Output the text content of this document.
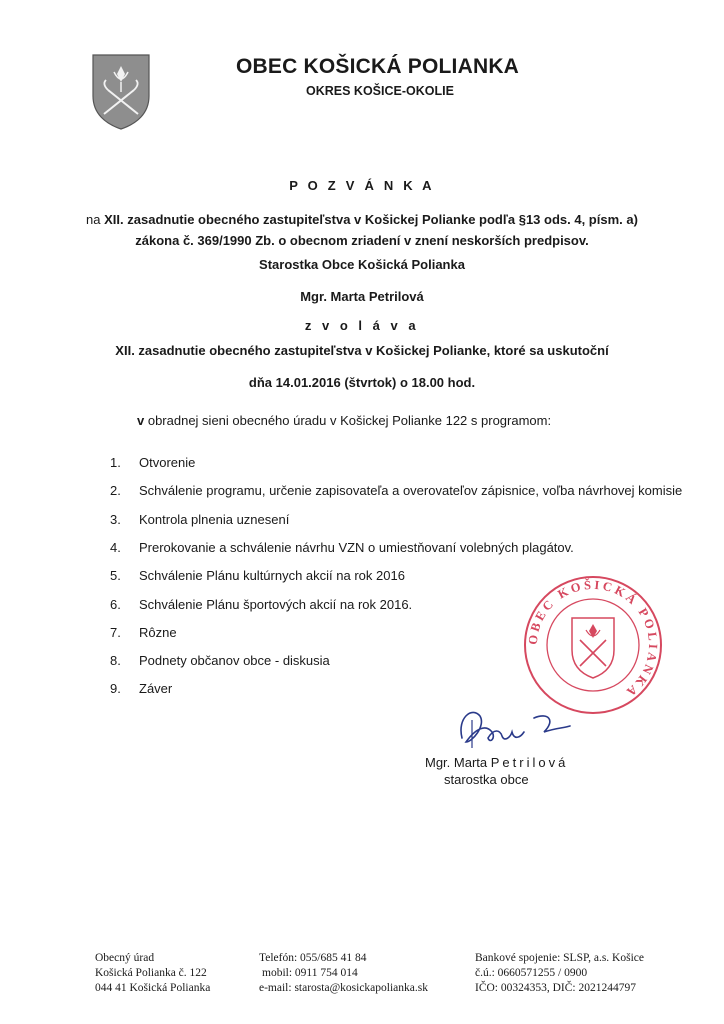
OBEC KOŠICKÁ POLIANKA
OKRES KOŠICE-OKOLIE
P O Z V Á N K A
na XII. zasadnutie obecného zastupiteľstva v Košickej Polianke podľa §13 ods. 4, písm. a)
zákona č. 369/1990 Zb. o obecnom zriadení v znení neskorších predpisov.
Starostka Obce Košická Polianka
Mgr. Marta Petrilová
z v o l á v a
XII. zasadnutie obecného zastupiteľstva v Košickej Polianke, ktoré sa uskutoční
dňa 14.01.2016 (štvrtok) o 18.00 hod.
v obradnej sieni obecného úradu v Košickej Polianke 122 s programom:
1. Otvorenie
2. Schválenie programu, určenie zapisovateľa a overovateľov zápisnice, voľba návrhovej komisie
3. Kontrola plnenia uznesení
4. Prerokovanie a schválenie návrhu VZN o umiestňovaní volebných plagátov.
5. Schválenie Plánu kultúrnych akcií na rok 2016
6. Schválenie Plánu športových akcií na rok 2016.
7. Rôzne
8. Podnety občanov obce - diskusia
9. Záver
OBEC KOŠICKÁ POLIANKA
Mgr. Marta Petrilová
starostka obce
Obecný úrad
Košická Polianka č. 122
044 41 Košická Polianka
Telefón: 055/685 41 84
mobil: 0911 754 014
e-mail: starosta@kosickapolianka.sk
Bankové spojenie: SLSP, a.s. Košice
č.ú.: 0660571255 / 0900
IČO: 00324353, DIČ: 2021244797
